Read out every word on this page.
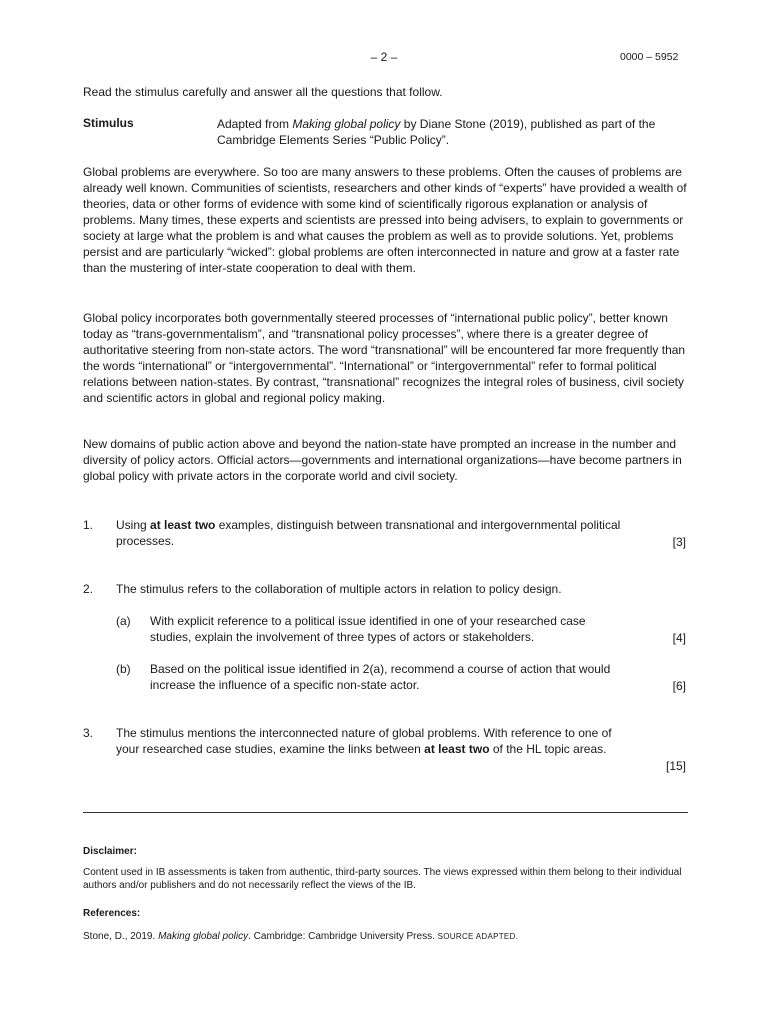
– 2 –	0000 – 5952
Read the stimulus carefully and answer all the questions that follow.
Stimulus	Adapted from Making global policy by Diane Stone (2019), published as part of the Cambridge Elements Series “Public Policy”.
Global problems are everywhere. So too are many answers to these problems. Often the causes of problems are already well known. Communities of scientists, researchers and other kinds of “experts” have provided a wealth of theories, data or other forms of evidence with some kind of scientifically rigorous explanation or analysis of problems. Many times, these experts and scientists are pressed into being advisers, to explain to governments or society at large what the problem is and what causes the problem as well as to provide solutions. Yet, problems persist and are particularly “wicked”: global problems are often interconnected in nature and grow at a faster rate than the mustering of inter-state cooperation to deal with them.
Global policy incorporates both governmentally steered processes of “international public policy”, better known today as “trans-governmentalism”, and “transnational policy processes”, where there is a greater degree of authoritative steering from non-state actors. The word “transnational” will be encountered far more frequently than the words “international” or “intergovernmental”. “International” or “intergovernmental” refer to formal political relations between nation-states. By contrast, “transnational” recognizes the integral roles of business, civil society and scientific actors in global and regional policy making.
New domains of public action above and beyond the nation-state have prompted an increase in the number and diversity of policy actors. Official actors—governments and international organizations—have become partners in global policy with private actors in the corporate world and civil society.
1. Using at least two examples, distinguish between transnational and intergovernmental political processes.	[3]
2. The stimulus refers to the collaboration of multiple actors in relation to policy design.
(a) With explicit reference to a political issue identified in one of your researched case studies, explain the involvement of three types of actors or stakeholders.	[4]
(b) Based on the political issue identified in 2(a), recommend a course of action that would increase the influence of a specific non-state actor.	[6]
3. The stimulus mentions the interconnected nature of global problems. With reference to one of your researched case studies, examine the links between at least two of the HL topic areas.
[15]
Disclaimer:
Content used in IB assessments is taken from authentic, third-party sources. The views expressed within them belong to their individual authors and/or publishers and do not necessarily reflect the views of the IB.
References:
Stone, D., 2019. Making global policy. Cambridge: Cambridge University Press. SOURCE ADAPTED.
